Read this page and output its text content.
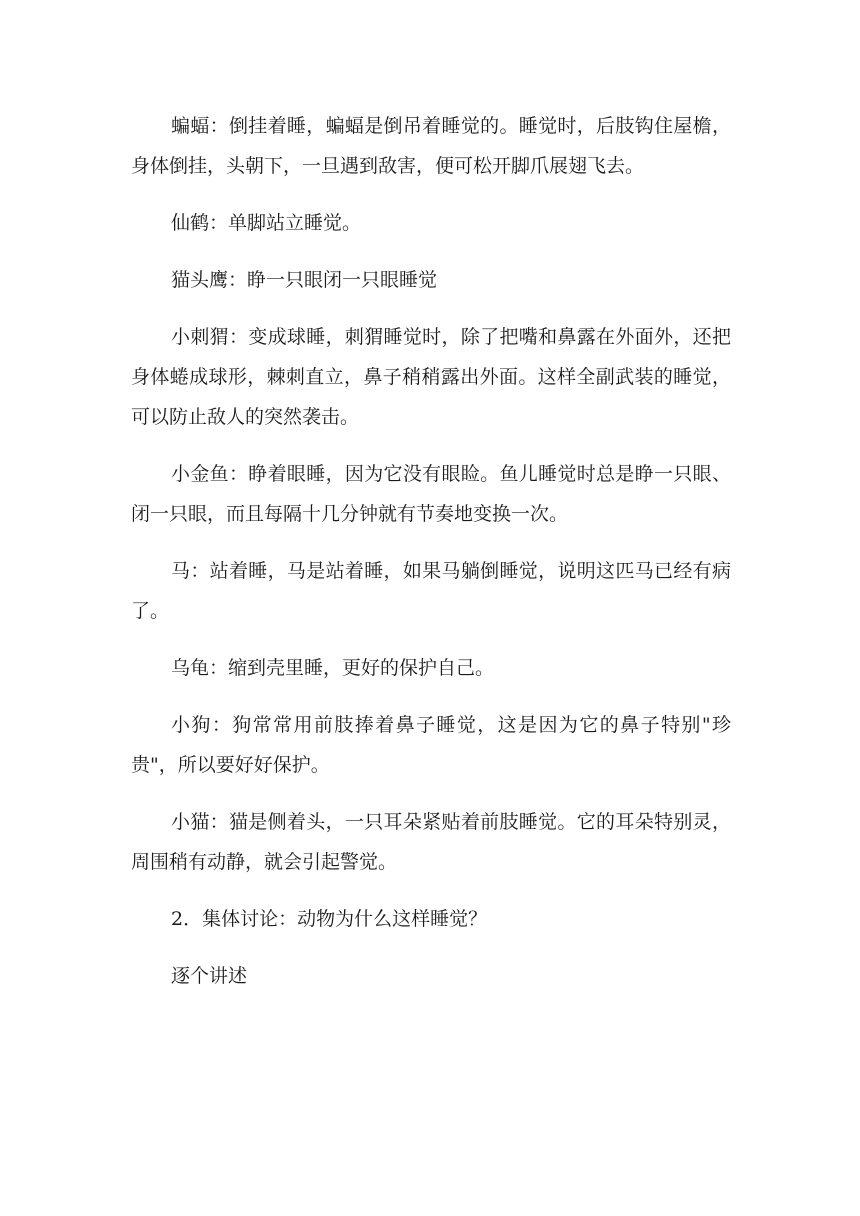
蝙蝠：倒挂着睡，蝙蝠是倒吊着睡觉的。睡觉时，后肢钩住屋檐，身体倒挂，头朝下，一旦遇到敌害，便可松开脚爪展翅飞去。

仙鹤：单脚站立睡觉。

猫头鹰：睁一只眼闭一只眼睡觉

小刺猬：变成球睡，刺猬睡觉时，除了把嘴和鼻露在外面外，还把身体蜷成球形，棘刺直立，鼻子稍稍露出外面。这样全副武装的睡觉，可以防止敌人的突然袭击。

小金鱼：睁着眼睡，因为它没有眼睑。鱼儿睡觉时总是睁一只眼、闭一只眼，而且每隔十几分钟就有节奏地变换一次。

马：站着睡，马是站着睡，如果马躺倒睡觉，说明这匹马已经有病了。

乌龟：缩到壳里睡，更好的保护自己。

小狗：狗常常用前肢捧着鼻子睡觉，这是因为它的鼻子特别"珍贵"，所以要好好保护。

小猫：猫是侧着头，一只耳朵紧贴着前肢睡觉。它的耳朵特别灵，周围稍有动静，就会引起警觉。

2．集体讨论：动物为什么这样睡觉？

逐个讲述
